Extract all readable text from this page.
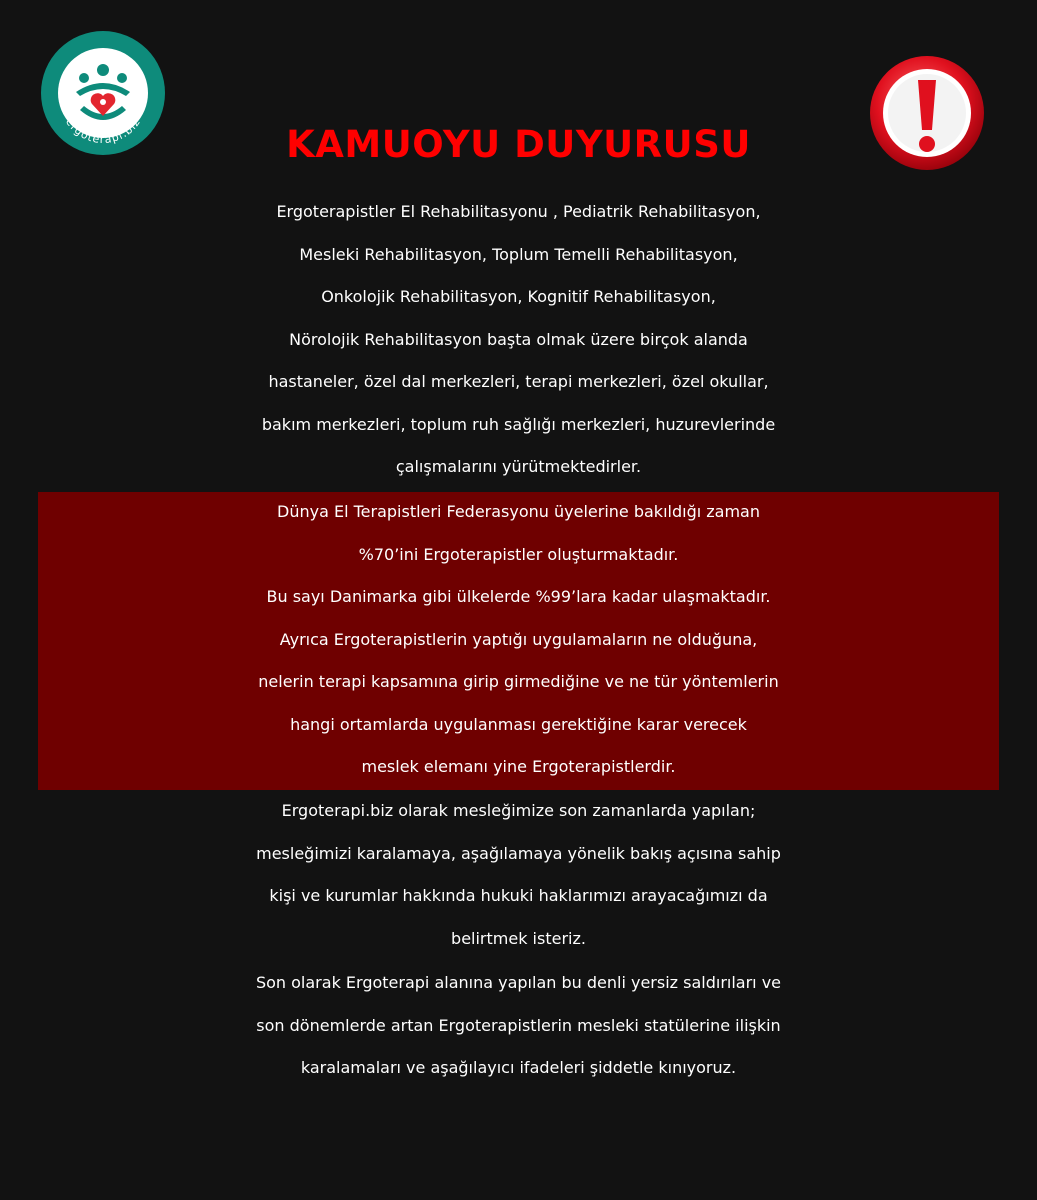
ergoterapi.biz
KAMUOYU DUYURUSU
Ergoterapistler El Rehabilitasyonu , Pediatrik Rehabilitasyon,
Mesleki Rehabilitasyon, Toplum Temelli Rehabilitasyon,
Onkolojik Rehabilitasyon, Kognitif Rehabilitasyon,
Nörolojik Rehabilitasyon başta olmak üzere birçok alanda
hastaneler, özel dal merkezleri, terapi merkezleri, özel okullar,
bakım merkezleri, toplum ruh sağlığı merkezleri, huzurevlerinde
çalışmalarını yürütmektedirler.
Dünya El Terapistleri Federasyonu üyelerine bakıldığı zaman
%70’ini Ergoterapistler oluşturmaktadır.
Bu sayı Danimarka gibi ülkelerde %99’lara kadar ulaşmaktadır.
Ayrıca Ergoterapistlerin yaptığı uygulamaların ne olduğuna,
nelerin terapi kapsamına girip girmediğine ve ne tür yöntemlerin
hangi ortamlarda uygulanması gerektiğine karar verecek
meslek elemanı yine Ergoterapistlerdir.
Ergoterapi.biz olarak mesleğimize son zamanlarda yapılan;
mesleğimizi karalamaya, aşağılamaya yönelik bakış açısına sahip
kişi ve kurumlar hakkında hukuki haklarımızı arayacağımızı da
belirtmek isteriz.
Son olarak Ergoterapi alanına yapılan bu denli yersiz saldırıları ve
son dönemlerde artan Ergoterapistlerin mesleki statülerine ilişkin
karalamaları ve aşağılayıcı ifadeleri şiddetle kınıyoruz.
